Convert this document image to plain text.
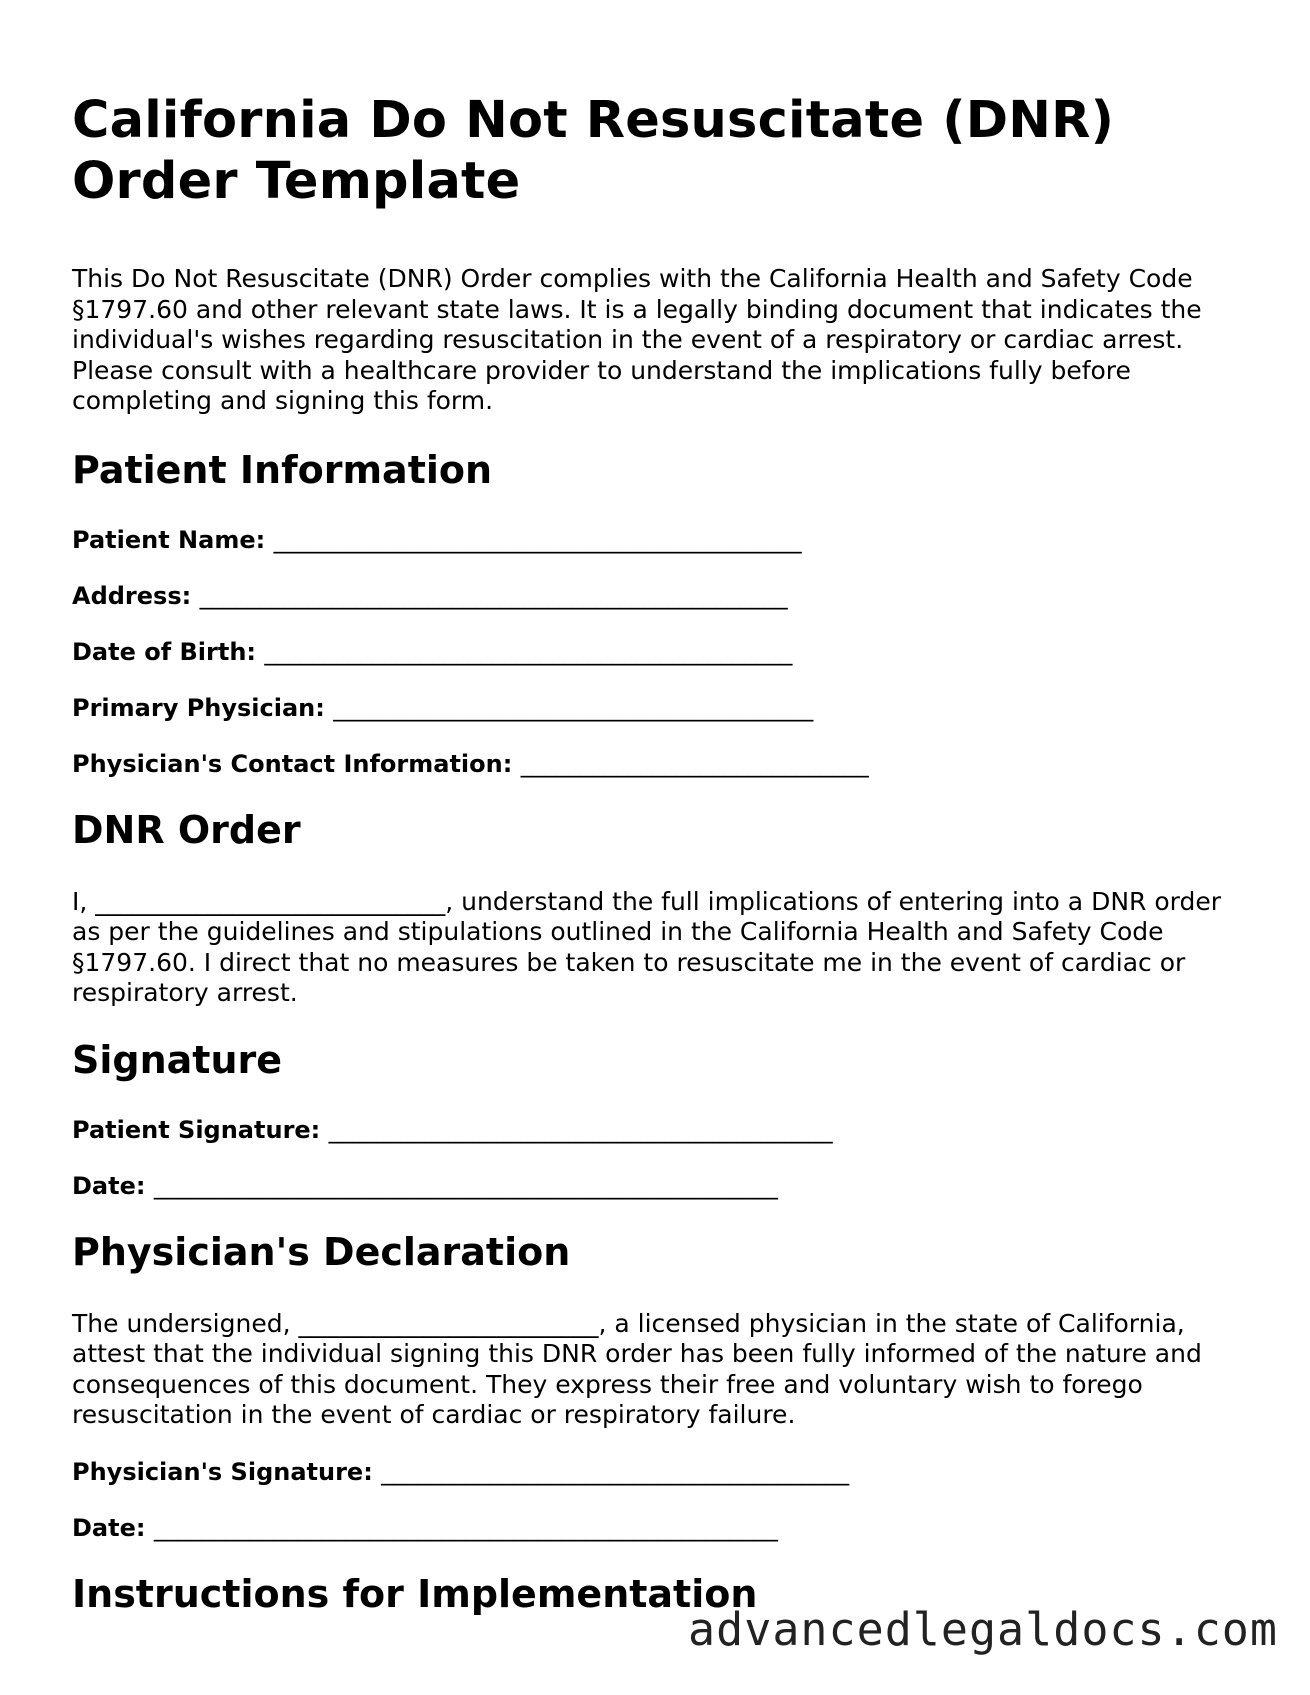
California Do Not Resuscitate (DNR) Order Template

This Do Not Resuscitate (DNR) Order complies with the California Health and Safety Code §1797.60 and other relevant state laws. It is a legally binding document that indicates the individual's wishes regarding resuscitation in the event of a respiratory or cardiac arrest. Please consult with a healthcare provider to understand the implications fully before completing and signing this form.

Patient Information

Patient Name: ____________________________________________

Address: _________________________________________________

Date of Birth: ____________________________________________

Primary Physician: ________________________________________

Physician's Contact Information: _____________________________

DNR Order

I, ____________________________, understand the full implications of entering into a DNR order as per the guidelines and stipulations outlined in the California Health and Safety Code §1797.60. I direct that no measures be taken to resuscitate me in the event of cardiac or respiratory arrest.

Signature

Patient Signature: __________________________________________

Date: ____________________________________________________

Physician's Declaration

The undersigned, ________________________, a licensed physician in the state of California, attest that the individual signing this DNR order has been fully informed of the nature and consequences of this document. They express their free and voluntary wish to forego resuscitation in the event of cardiac or respiratory failure.

Physician's Signature: _______________________________________

Date: ____________________________________________________

Instructions for Implementation
advancedlegaldocs.com
